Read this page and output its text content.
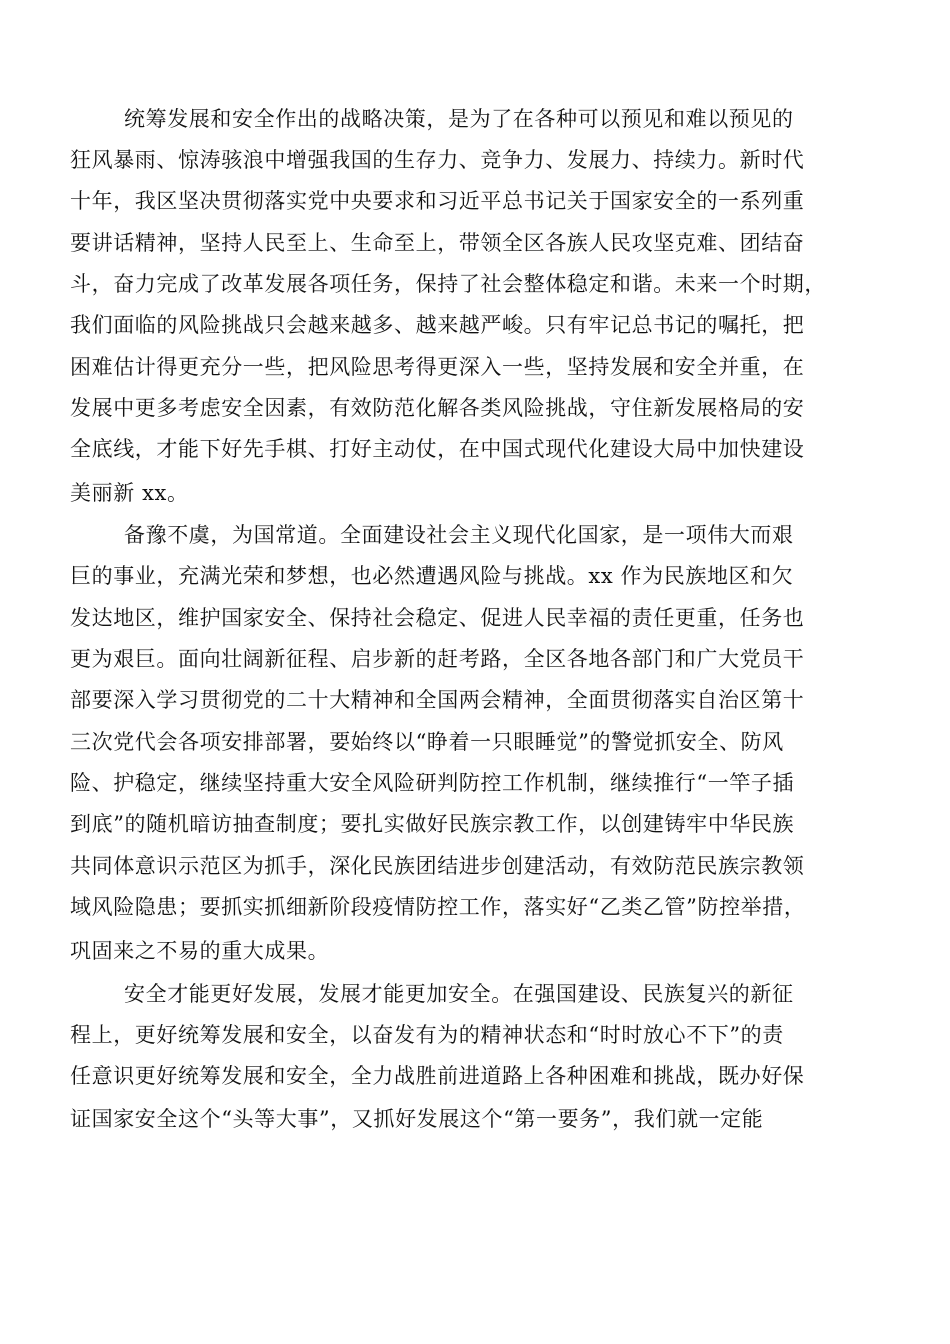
统筹发展和安全作出的战略决策，是为了在各种可以预见和难以预见的
狂风暴雨、惊涛骇浪中增强我国的生存力、竞争力、发展力、持续力。新时代
十年，我区坚决贯彻落实党中央要求和习近平总书记关于国家安全的一系列重
要讲话精神，坚持人民至上、生命至上，带领全区各族人民攻坚克难、团结奋
斗，奋力完成了改革发展各项任务，保持了社会整体稳定和谐。未来一个时期，
我们面临的风险挑战只会越来越多、越来越严峻。只有牢记总书记的嘱托，把
困难估计得更充分一些，把风险思考得更深入一些，坚持发展和安全并重，在
发展中更多考虑安全因素，有效防范化解各类风险挑战，守住新发展格局的安
全底线，才能下好先手棋、打好主动仗，在中国式现代化建设大局中加快建设
美丽新 xx。
备豫不虞，为国常道。全面建设社会主义现代化国家，是一项伟大而艰
巨的事业，充满光荣和梦想，也必然遭遇风险与挑战。xx 作为民族地区和欠
发达地区，维护国家安全、保持社会稳定、促进人民幸福的责任更重，任务也
更为艰巨。面向壮阔新征程、启步新的赶考路，全区各地各部门和广大党员干
部要深入学习贯彻党的二十大精神和全国两会精神，全面贯彻落实自治区第十
三次党代会各项安排部署，要始终以“睁着一只眼睡觉”的警觉抓安全、防风
险、护稳定，继续坚持重大安全风险研判防控工作机制，继续推行“一竿子插
到底”的随机暗访抽查制度；要扎实做好民族宗教工作，以创建铸牢中华民族
共同体意识示范区为抓手，深化民族团结进步创建活动，有效防范民族宗教领
域风险隐患；要抓实抓细新阶段疫情防控工作，落实好“乙类乙管”防控举措，
巩固来之不易的重大成果。
安全才能更好发展，发展才能更加安全。在强国建设、民族复兴的新征
程上，更好统筹发展和安全，以奋发有为的精神状态和“时时放心不下”的责
任意识更好统筹发展和安全，全力战胜前进道路上各种困难和挑战，既办好保
证国家安全这个“头等大事”，又抓好发展这个“第一要务”，我们就一定能
